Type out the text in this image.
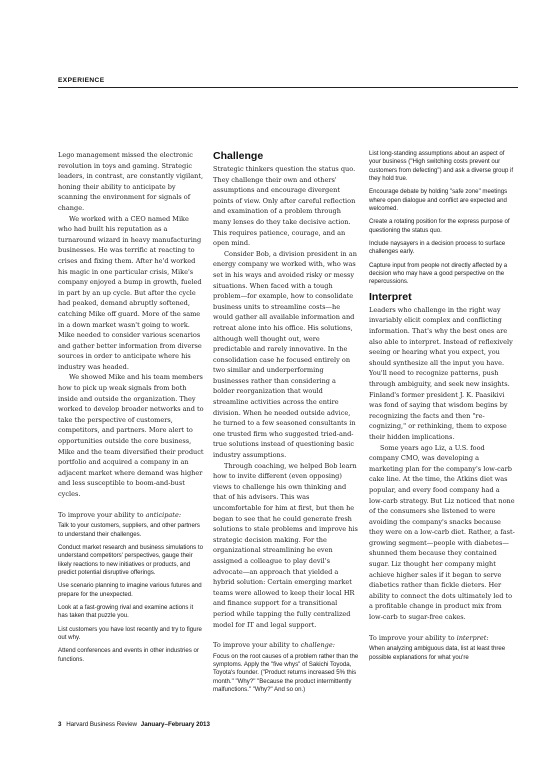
EXPERIENCE

Lego management missed the electronic revolution in toys and gaming. Strategic leaders, in contrast, are constantly vigilant, honing their ability to anticipate by scanning the environment for signals of change.

We worked with a CEO named Mike who had built his reputation as a turnaround wizard in heavy manufacturing businesses. He was terrific at reacting to crises and fixing them. After he'd worked his magic in one particular crisis, Mike's company enjoyed a bump in growth, fueled in part by an up cycle. But after the cycle had peaked, demand abruptly softened, catching Mike off guard. More of the same in a down market wasn't going to work. Mike needed to consider various scenarios and gather better information from diverse sources in order to anticipate where his industry was headed.

We showed Mike and his team members how to pick up weak signals from both inside and outside the organization. They worked to develop broader networks and to take the perspective of customers, competitors, and partners. More alert to opportunities outside the core business, Mike and the team diversified their product portfolio and acquired a company in an adjacent market where demand was higher and less susceptible to boom-and-bust cycles.

To improve your ability to anticipate:

Talk to your customers, suppliers, and other partners to understand their challenges.

Conduct market research and business simulations to understand competitors' perspectives, gauge their likely reactions to new initiatives or products, and predict potential disruptive offerings.

Use scenario planning to imagine various futures and prepare for the unexpected.

Look at a fast-growing rival and examine actions it has taken that puzzle you.

List customers you have lost recently and try to figure out why.

Attend conferences and events in other industries or functions.

Challenge

Strategic thinkers question the status quo. They challenge their own and others' assumptions and encourage divergent points of view. Only after careful reflection and examination of a problem through many lenses do they take decisive action. This requires patience, courage, and an open mind.

Consider Bob, a division president in an energy company we worked with, who was set in his ways and avoided risky or messy situations. When faced with a tough problem—for example, how to consolidate business units to streamline costs—he would gather all available information and retreat alone into his office. His solutions, although well thought out, were predictable and rarely innovative. In the consolidation case he focused entirely on two similar and underperforming businesses rather than considering a bolder reorganization that would streamline activities across the entire division. When he needed outside advice, he turned to a few seasoned consultants in one trusted firm who suggested tried-and-true solutions instead of questioning basic industry assumptions.

Through coaching, we helped Bob learn how to invite different (even opposing) views to challenge his own thinking and that of his advisers. This was uncomfortable for him at first, but then he began to see that he could generate fresh solutions to stale problems and improve his strategic decision making. For the organizational streamlining he even assigned a colleague to play devil's advocate—an approach that yielded a hybrid solution: Certain emerging market teams were allowed to keep their local HR and finance support for a transitional period while tapping the fully centralized model for IT and legal support.

To improve your ability to challenge:

Focus on the root causes of a problem rather than the symptoms. Apply the "five whys" of Sakichi Toyoda, Toyota's founder. ("Product returns increased 5% this month." "Why?" "Because the product intermittently malfunctions." "Why?" And so on.)

List long-standing assumptions about an aspect of your business ("High switching costs prevent our customers from defecting") and ask a diverse group if they hold true.

Encourage debate by holding "safe zone" meetings where open dialogue and conflict are expected and welcomed.

Create a rotating position for the express purpose of questioning the status quo.

Include naysayers in a decision process to surface challenges early.

Capture input from people not directly affected by a decision who may have a good perspective on the repercussions.

Interpret

Leaders who challenge in the right way invariably elicit complex and conflicting information. That's why the best ones are also able to interpret. Instead of reflexively seeing or hearing what you expect, you should synthesize all the input you have. You'll need to recognize patterns, push through ambiguity, and seek new insights. Finland's former president J. K. Paasikivi was fond of saying that wisdom begins by recognizing the facts and then "re-cognizing," or rethinking, them to expose their hidden implications.

Some years ago Liz, a U.S. food company CMO, was developing a marketing plan for the company's low-carb cake line. At the time, the Atkins diet was popular, and every food company had a low-carb strategy. But Liz noticed that none of the consumers she listened to were avoiding the company's snacks because they were on a low-carb diet. Rather, a fast-growing segment—people with diabetes—shunned them because they contained sugar. Liz thought her company might achieve higher sales if it began to serve diabetics rather than fickle dieters. Her ability to connect the dots ultimately led to a profitable change in product mix from low-carb to sugar-free cakes.

To improve your ability to interpret:

When analyzing ambiguous data, list at least three possible explanations for what you're

3 Harvard Business Review January–February 2013
